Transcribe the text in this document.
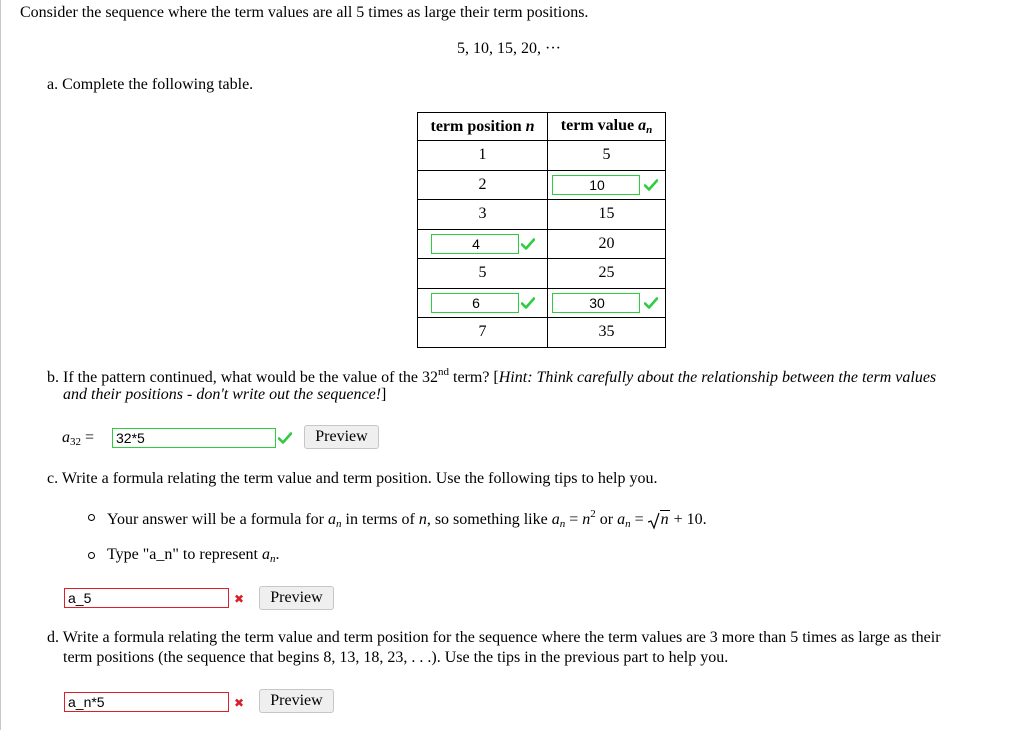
Consider the sequence where the term values are all 5 times as large their term positions.
5, 10, 15, 20, ···
a. Complete the following table.
term position n	term value $a_n$
1	5
2	10

3	15

4	20
5	25

6	30

7	35
b. If the pattern continued, what would be the value of the 32nd term? [Hint: Think carefully about the relationship between the term values
and their positions - don't write out the sequence!]
$a_{32} = 32*5$	Preview
c. Write a formula relating the term value and term position. Use the following tips to help you.
Your answer will be a formula for $a_n$ in terms of n, so something like $a_n = n^2$ or $a_n$ =
n + 10.
Type "a_n" to represent $a_n$.
a_5	✖	Preview
d. Write a formula relating the term value and term position for the sequence where the term values are 3 more than 5 times as large as their
term positions (the sequence that begins 8, 13, 18, 23, . . .). Use the tips in the previous part to help you.
a_n*5	✖	Preview
